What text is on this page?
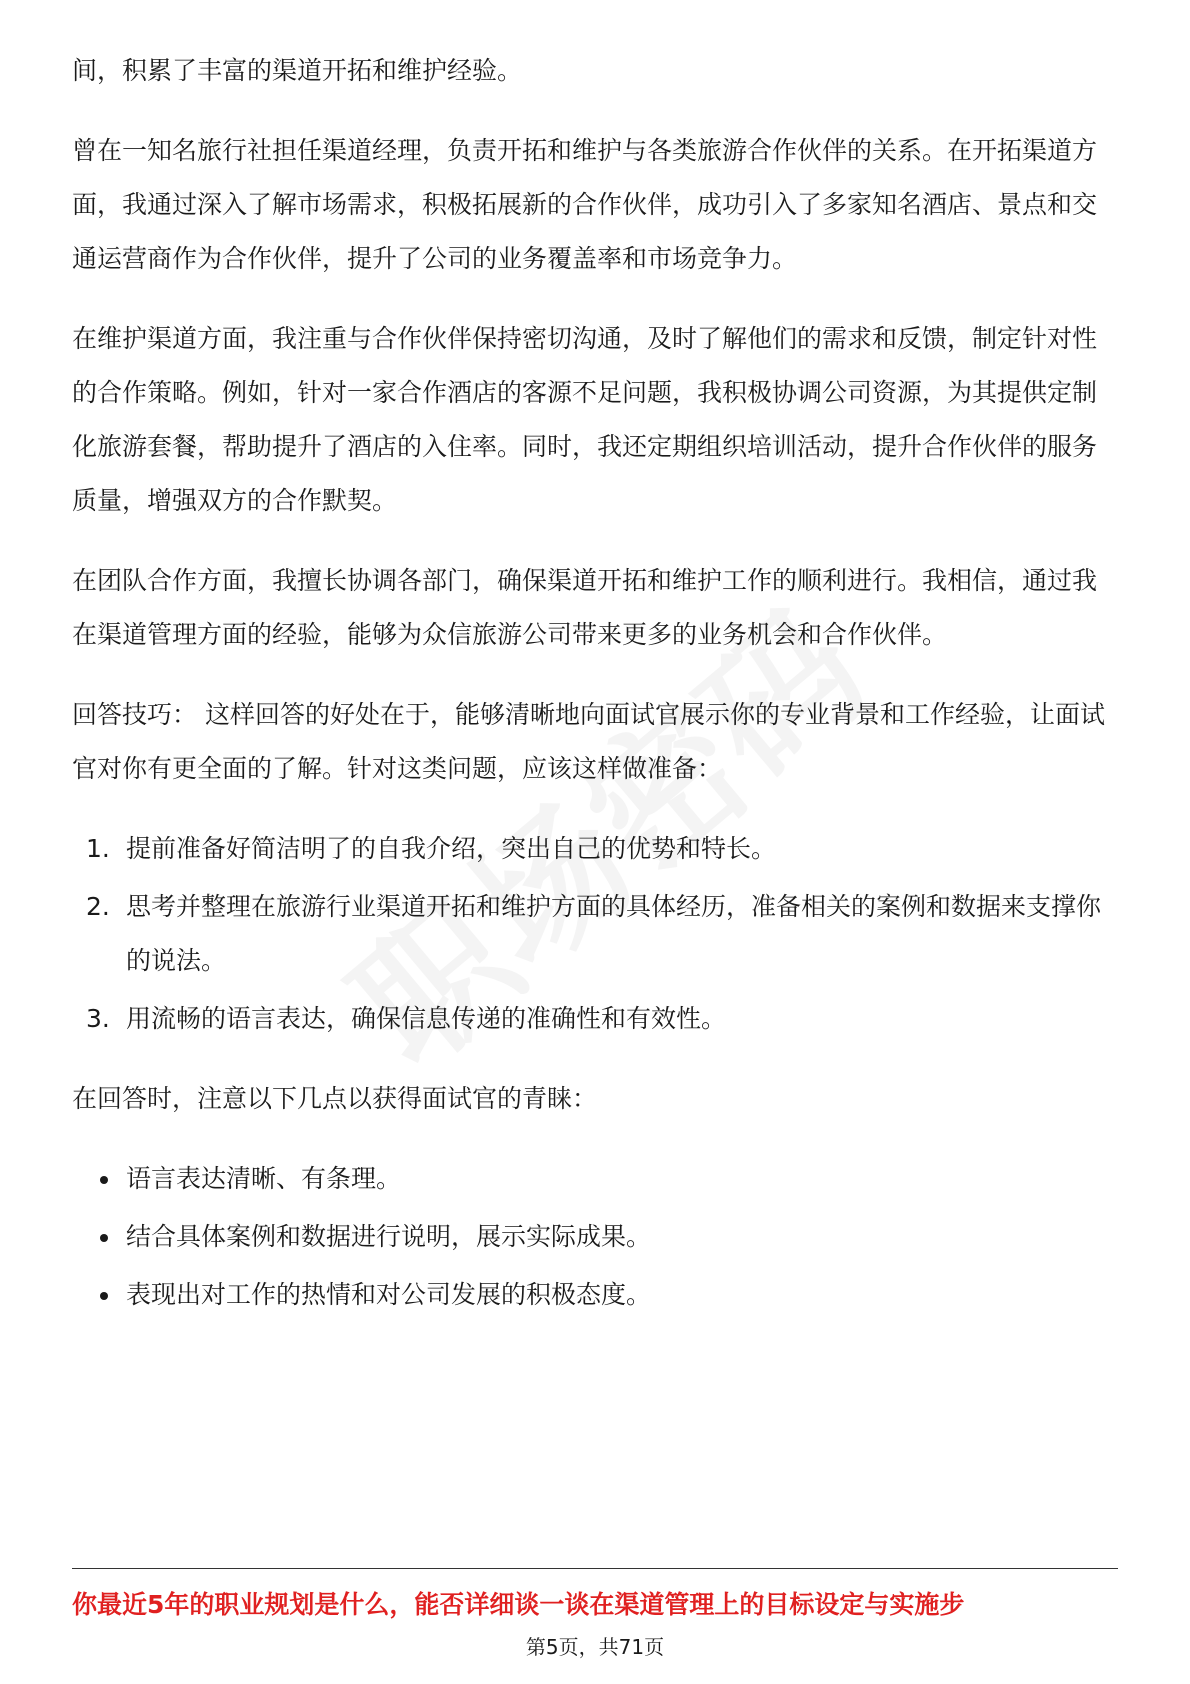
间，积累了丰富的渠道开拓和维护经验。

曾在一知名旅行社担任渠道经理，负责开拓和维护与各类旅游合作伙伴的关系。在开拓渠道方面，我通过深入了解市场需求，积极拓展新的合作伙伴，成功引入了多家知名酒店、景点和交通运营商作为合作伙伴，提升了公司的业务覆盖率和市场竞争力。

在维护渠道方面，我注重与合作伙伴保持密切沟通，及时了解他们的需求和反馈，制定针对性的合作策略。例如，针对一家合作酒店的客源不足问题，我积极协调公司资源，为其提供定制化旅游套餐，帮助提升了酒店的入住率。同时，我还定期组织培训活动，提升合作伙伴的服务质量，增强双方的合作默契。

在团队合作方面，我擅长协调各部门，确保渠道开拓和维护工作的顺利进行。我相信，通过我在渠道管理方面的经验，能够为众信旅游公司带来更多的业务机会和合作伙伴。

回答技巧： 这样回答的好处在于，能够清晰地向面试官展示你的专业背景和工作经验，让面试官对你有更全面的了解。针对这类问题，应该这样做准备：

1. 提前准备好简洁明了的自我介绍，突出自己的优势和特长。
2. 思考并整理在旅游行业渠道开拓和维护方面的具体经历，准备相关的案例和数据来支撑你的说法。
3. 用流畅的语言表达，确保信息传递的准确性和有效性。

在回答时，注意以下几点以获得面试官的青睐：

语言表达清晰、有条理。
结合具体案例和数据进行说明，展示实际成果。
表现出对工作的热情和对公司发展的积极态度。
你最近5年的职业规划是什么，能否详细谈一谈在渠道管理上的目标设定与实施步
第5页，共71页
